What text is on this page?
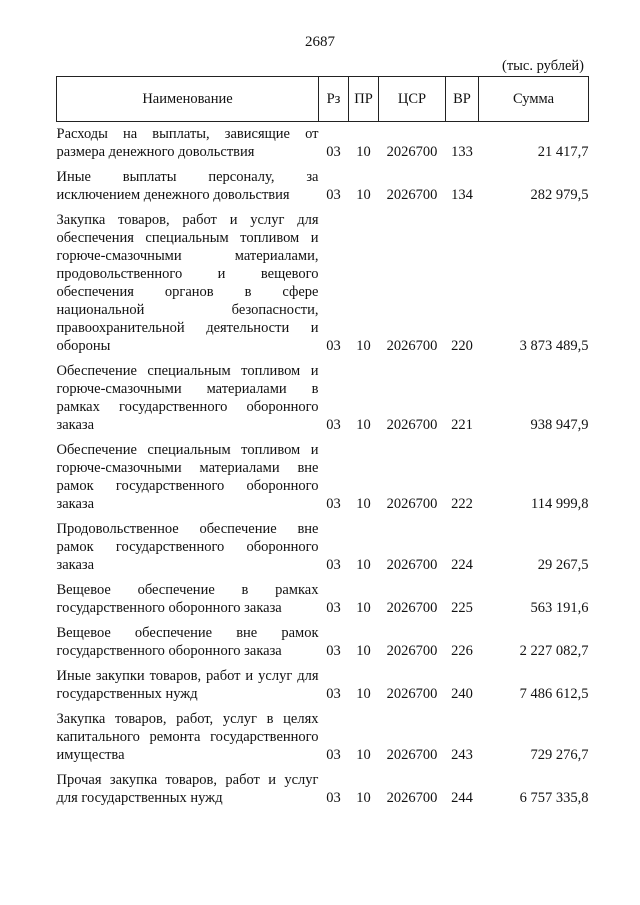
2687
(тыс. рублей)
Наименование	Рз	ПР	ЦСР	ВР	Сумма
Расходы на выплаты, зависящие от размера денежного довольствия	03	10	2026700	133	21 417,7

Иные выплаты персоналу, за исключением денежного довольствия	03	10	2026700	134	282 979,5

Закупка товаров, работ и услуг для обеспечения специальным топливом и горюче-смазочными материалами, продовольственного и вещевого обеспечения органов в сфере национальной безопасности, правоохранительной деятельности и обороны	03	10	2026700	220	3 873 489,5

Обеспечение специальным топливом и горюче-смазочными материалами в рамках государственного оборонного заказа	03	10	2026700	221	938 947,9

Обеспечение специальным топливом и горюче-смазочными материалами вне рамок государственного оборонного заказа	03	10	2026700	222	114 999,8

Продовольственное обеспечение вне рамок государственного оборонного заказа	03	10	2026700	224	29 267,5

Вещевое обеспечение в рамках государственного оборонного заказа	03	10	2026700	225	563 191,6

Вещевое обеспечение вне рамок государственного оборонного заказа	03	10	2026700	226	2 227 082,7

Иные закупки товаров, работ и услуг для государственных нужд	03	10	2026700	240	7 486 612,5

Закупка товаров, работ, услуг в целях капитального ремонта государственного имущества	03	10	2026700	243	729 276,7

Прочая закупка товаров, работ и услуг для государственных нужд	03	10	2026700	244	6 757 335,8
